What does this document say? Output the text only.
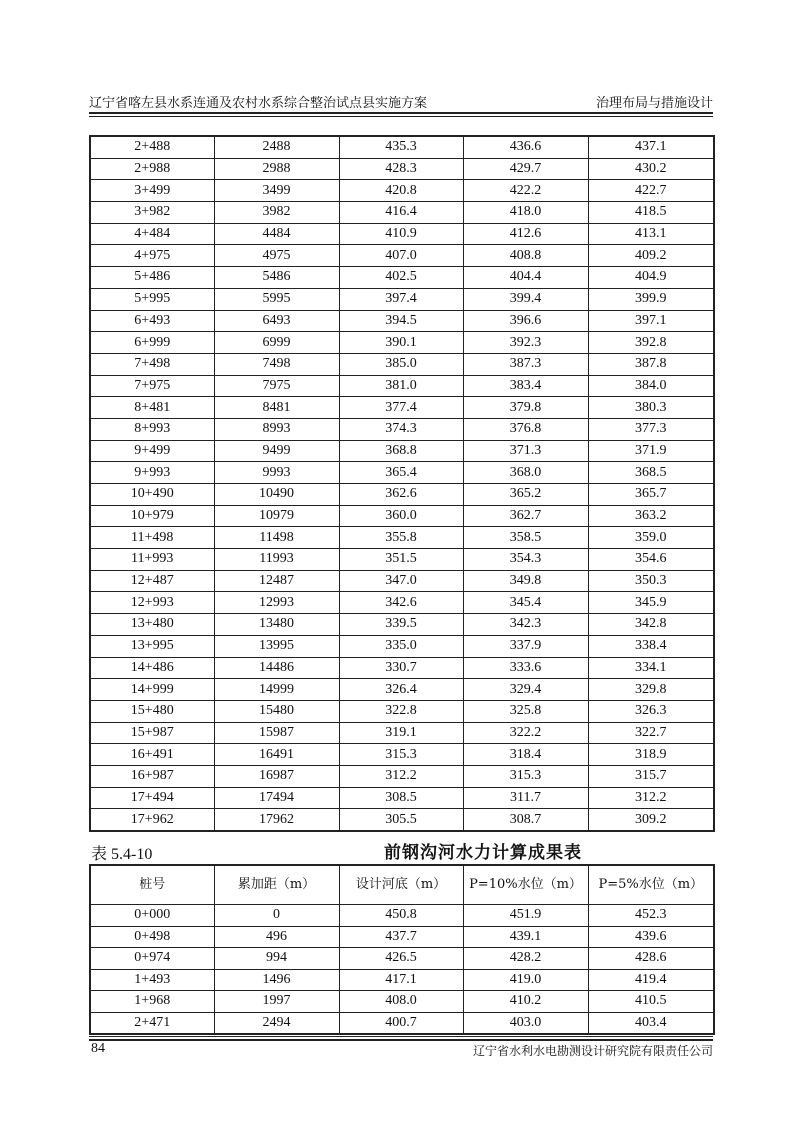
辽宁省喀左县水系连通及农村水系综合整治试点县实施方案	治理布局与措施设计
2+488	2488	435.3	436.6	437.1
2+988	2988	428.3	429.7	430.2
3+499	3499	420.8	422.2	422.7
3+982	3982	416.4	418.0	418.5
4+484	4484	410.9	412.6	413.1
4+975	4975	407.0	408.8	409.2
5+486	5486	402.5	404.4	404.9
5+995	5995	397.4	399.4	399.9
6+493	6493	394.5	396.6	397.1
6+999	6999	390.1	392.3	392.8
7+498	7498	385.0	387.3	387.8
7+975	7975	381.0	383.4	384.0
8+481	8481	377.4	379.8	380.3
8+993	8993	374.3	376.8	377.3
9+499	9499	368.8	371.3	371.9
9+993	9993	365.4	368.0	368.5
10+490	10490	362.6	365.2	365.7
10+979	10979	360.0	362.7	363.2
11+498	11498	355.8	358.5	359.0
11+993	11993	351.5	354.3	354.6
12+487	12487	347.0	349.8	350.3
12+993	12993	342.6	345.4	345.9
13+480	13480	339.5	342.3	342.8
13+995	13995	335.0	337.9	338.4
14+486	14486	330.7	333.6	334.1
14+999	14999	326.4	329.4	329.8
15+480	15480	322.8	325.8	326.3
15+987	15987	319.1	322.2	322.7
16+491	16491	315.3	318.4	318.9
16+987	16987	312.2	315.3	315.7
17+494	17494	308.5	311.7	312.2
17+962	17962	305.5	308.7	309.2
表 5.4-10	前钢沟河水力计算成果表
桩号	累加距（m）	设计河底（m）	P=10%水位（m）	P=5%水位（m）
0+000	0	450.8	451.9	452.3
0+498	496	437.7	439.1	439.6
0+974	994	426.5	428.2	428.6
1+493	1496	417.1	419.0	419.4
1+968	1997	408.0	410.2	410.5
2+471	2494	400.7	403.0	403.4
84	辽宁省水利水电勘测设计研究院有限责任公司
